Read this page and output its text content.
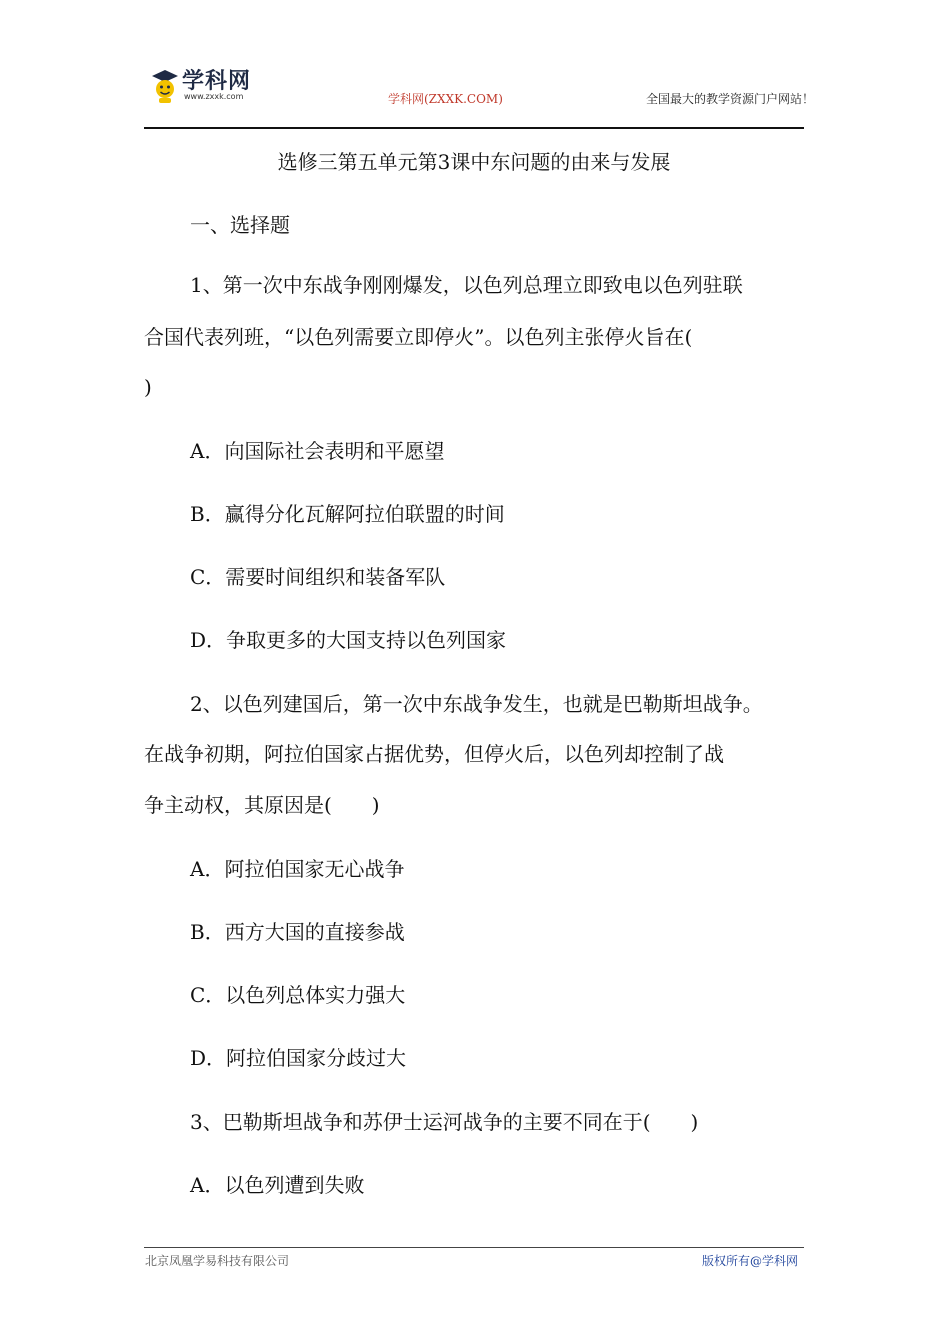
学科网
www.zxxk.com	学科网(ZXXK.COM)	全国最大的教学资源门户网站！
选修三第五单元第3课中东问题的由来与发展
一、选择题
1、第一次中东战争刚刚爆发，以色列总理立即致电以色列驻联
合国代表列班，“以色列需要立即停火”。以色列主张停火旨在(
)
A．向国际社会表明和平愿望
B．赢得分化瓦解阿拉伯联盟的时间
C．需要时间组织和装备军队
D．争取更多的大国支持以色列国家
2、以色列建国后，第一次中东战争发生，也就是巴勒斯坦战争。
在战争初期，阿拉伯国家占据优势，但停火后，以色列却控制了战
争主动权，其原因是(　　)
A．阿拉伯国家无心战争
B．西方大国的直接参战
C．以色列总体实力强大
D．阿拉伯国家分歧过大
3、巴勒斯坦战争和苏伊士运河战争的主要不同在于(　　)
A．以色列遭到失败
北京凤凰学易科技有限公司	版权所有@学科网
